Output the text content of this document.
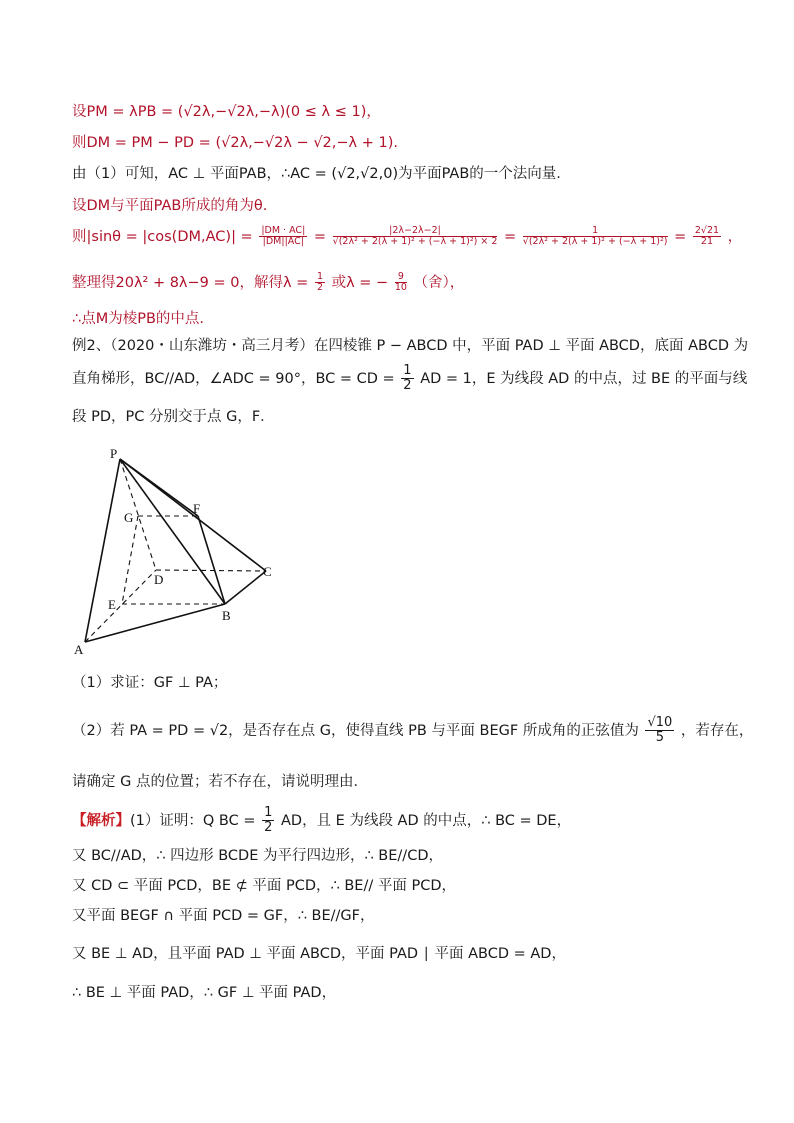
设PM = λPB = (√2λ,−√2λ,−λ)(0 ≤ λ ≤ 1)，
则DM = PM − PD = (√2λ,−√2λ − √2,−λ + 1).
由（1）可知，AC ⊥ 平面PAB，∴AC = (√2,√2,0)为平面PAB的一个法向量.
设DM与平面PAB所成的角为θ.
则$|\sin\theta = |\cos(DM,AC)| = \frac{|DM \cdot AC|}{|DM||AC|} = \frac{|2\lambda-2\lambda-2|}{\text{√(2λ² + 2(λ + 1)² + (−λ + 1)²) × 2}} = \frac{1}{\text{√(2λ² + 2(λ + 1)² + (−λ + 1)²)}} = \frac{2√21}{21}$ ，
整理得20λ² + 8λ−9 = 0，解得$\lambda = \frac{1}{2}$ 或λ = − $\frac{9}{10}$ （舍），
∴点M为棱PB的中点.
例2、（2020・山东潍坊・高三月考）在四棱锥 P − ABCD 中，平面 PAD ⊥ 平面 ABCD，底面 ABCD 为
直角梯形，BC//AD，∠ADC = 90°，BC = CD = $\frac{1}{2}$ AD = 1，E 为线段 AD 的中点，过 BE 的平面与线
段 PD，PC 分别交于点 G，F．
P
G
F
D
C
E
B
A
（1）求证：GF ⊥ PA；
（2）若 PA = PD = √2，是否存在点 G，使得直线 PB 与平面 BEGF 所成角的正弦值为 $\frac{√10}{5}$ ，若存在，
请确定 G 点的位置；若不存在，请说明理由．
【解析】(1）证明：Q BC = $\frac{1}{2}$ AD，且 E 为线段 AD 的中点，∴ BC = DE，
又 BC//AD，∴ 四边形 BCDE 为平行四边形，∴ BE//CD，
又 CD ⊂ 平面 PCD，BE ⊄ 平面 PCD，∴ BE// 平面 PCD，
又平面 BEGF ∩ 平面 PCD = GF，∴ BE//GF，
又 BE ⊥ AD，且平面 PAD ⊥ 平面 ABCD，平面 PAD ∣ 平面 ABCD = AD，
∴ BE ⊥ 平面 PAD，∴ GF ⊥ 平面 PAD，
